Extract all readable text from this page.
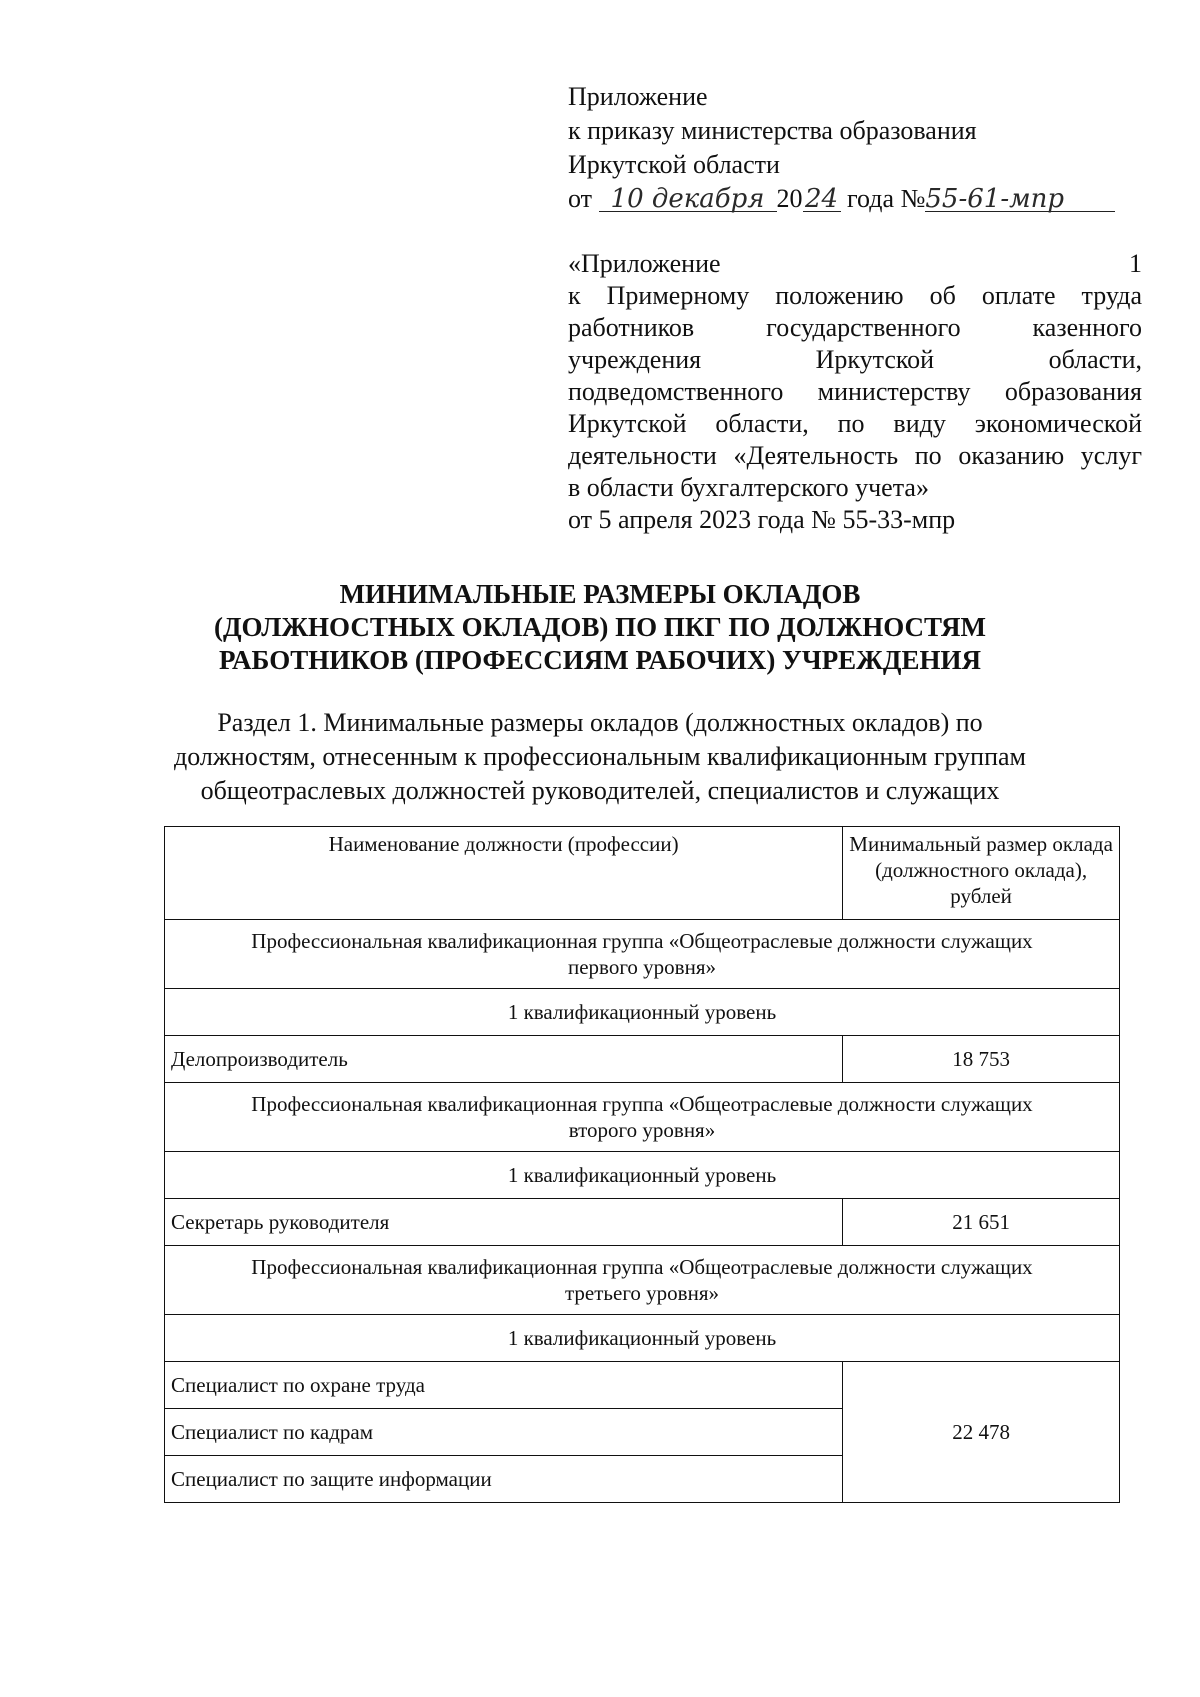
Приложение
к приказу министерства образования
Иркутской области
от 10 декабря 2024 года №55-61-мпр
«Приложение 1
к Примерному положению об оплате труда
работников государственного казенного
учреждения Иркутской области,
подведомственного министерству образования
Иркутской области, по виду экономической
деятельности «Деятельность по оказанию услуг
в области бухгалтерского учета»
от 5 апреля 2023 года № 55-33-мпр
МИНИМАЛЬНЫЕ РАЗМЕРЫ ОКЛАДОВ
(ДОЛЖНОСТНЫХ ОКЛАДОВ) ПО ПКГ ПО ДОЛЖНОСТЯМ
РАБОТНИКОВ (ПРОФЕССИЯМ РАБОЧИХ) УЧРЕЖДЕНИЯ
Раздел 1. Минимальные размеры окладов (должностных окладов) по
должностям, отнесенным к профессиональным квалификационным группам
общеотраслевых должностей руководителей, специалистов и служащих
Наименование должности (профессии)	Минимальный размер оклада (должностного оклада), рублей
Профессиональная квалификационная группа «Общеотраслевые должности служащих первого уровня»	
1 квалификационный уровень	
Делопроизводитель	18 753
Профессиональная квалификационная группа «Общеотраслевые должности служащих второго уровня»	
1 квалификационный уровень	
Секретарь руководителя	21 651
Профессиональная квалификационная группа «Общеотраслевые должности служащих третьего уровня»	
1 квалификационный уровень	
Специалист по охране труда	22 478
Специалист по кадрам	
Специалист по защите информации	
